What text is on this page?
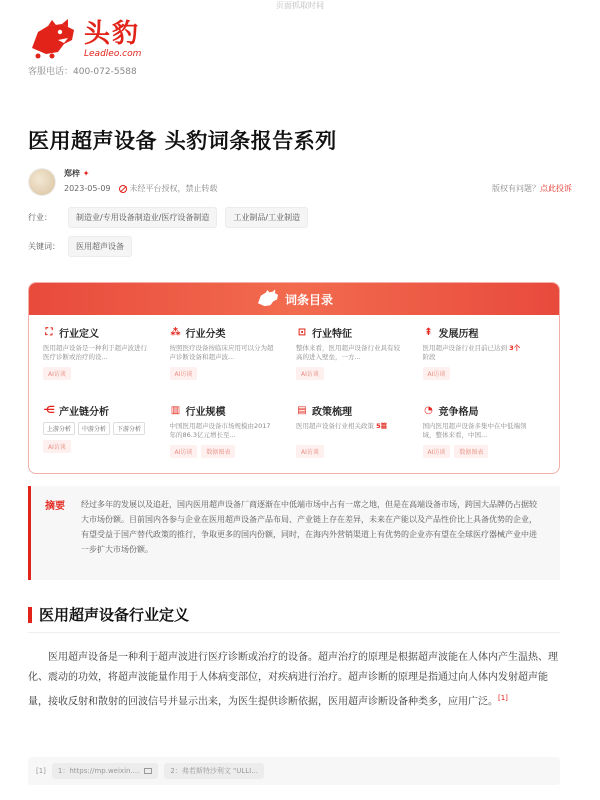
页面抓取时间
头豹
Leadleo.com
客服电话：400-072-5588
医用超声设备 头豹词条报告系列
郑梓 ✦
2023-05-09 未经平台授权，禁止转载	版权有问题？点此投诉
行业：	制造业/专用设备制造业/医疗设备制造	工业制品/工业制造
关键词：	医用超声设备
词条目录
⛶ 行业定义
医用超声设备是一种利于超声波进行医疗诊断或治疗的设...
AI访谈
⁂ 行业分类
按照医疗设备按临床应用可以分为超声诊断设备和超声波...
AI访谈
⊡ 行业特征
整体来看，医用超声设备行业具有较高的进入壁垒，一方...
AI访谈
⇞ 发展历程
医用超声设备行业目前已达到 3个阶段
AI访谈
⋲ 产业链分析
上游分析	中游分析	下游分析
AI访谈
▥ 行业规模
中国医用超声设备市场规模由2017年的86.3亿元增长至...
AI访谈	数据图表
▤ 政策梳理
医用超声设备行业相关政策 5篇
AI访谈
◔ 竞争格局
国内医用超声设备多集中在中低端领域，整体来看，中国...
AI访谈	数据图表
摘要	经过多年的发展以及追赶，国内医用超声设备厂商逐渐在中低端市场中占有一席之地，但是在高端设备市场，跨国大品牌仍占据较大市场份额。目前国内各参与企业在医用超声设备产品布局、产业链上存在差异，未来在产能以及产品性价比上具备优势的企业，有望受益于国产替代政策的推行，争取更多的国内份额，同时，在海内外营销渠道上有优势的企业亦有望在全球医疗器械产业中进一步扩大市场份额。
医用超声设备行业定义
医用超声设备是一种利于超声波进行医疗诊断或治疗的设备。超声治疗的原理是根据超声波能在人体内产生温热、理化、震动的功效，将超声波能量作用于人体病变部位，对疾病进行治疗。超声诊断的原理是指通过向人体内发射超声能量，接收反射和散射的回波信号并显示出来，为医生提供诊断依据，医用超声诊断设备种类多，应用广泛。[1]
[1] 1：https://mp.weixin....	2：弗若斯特沙利文 "ULLI...
